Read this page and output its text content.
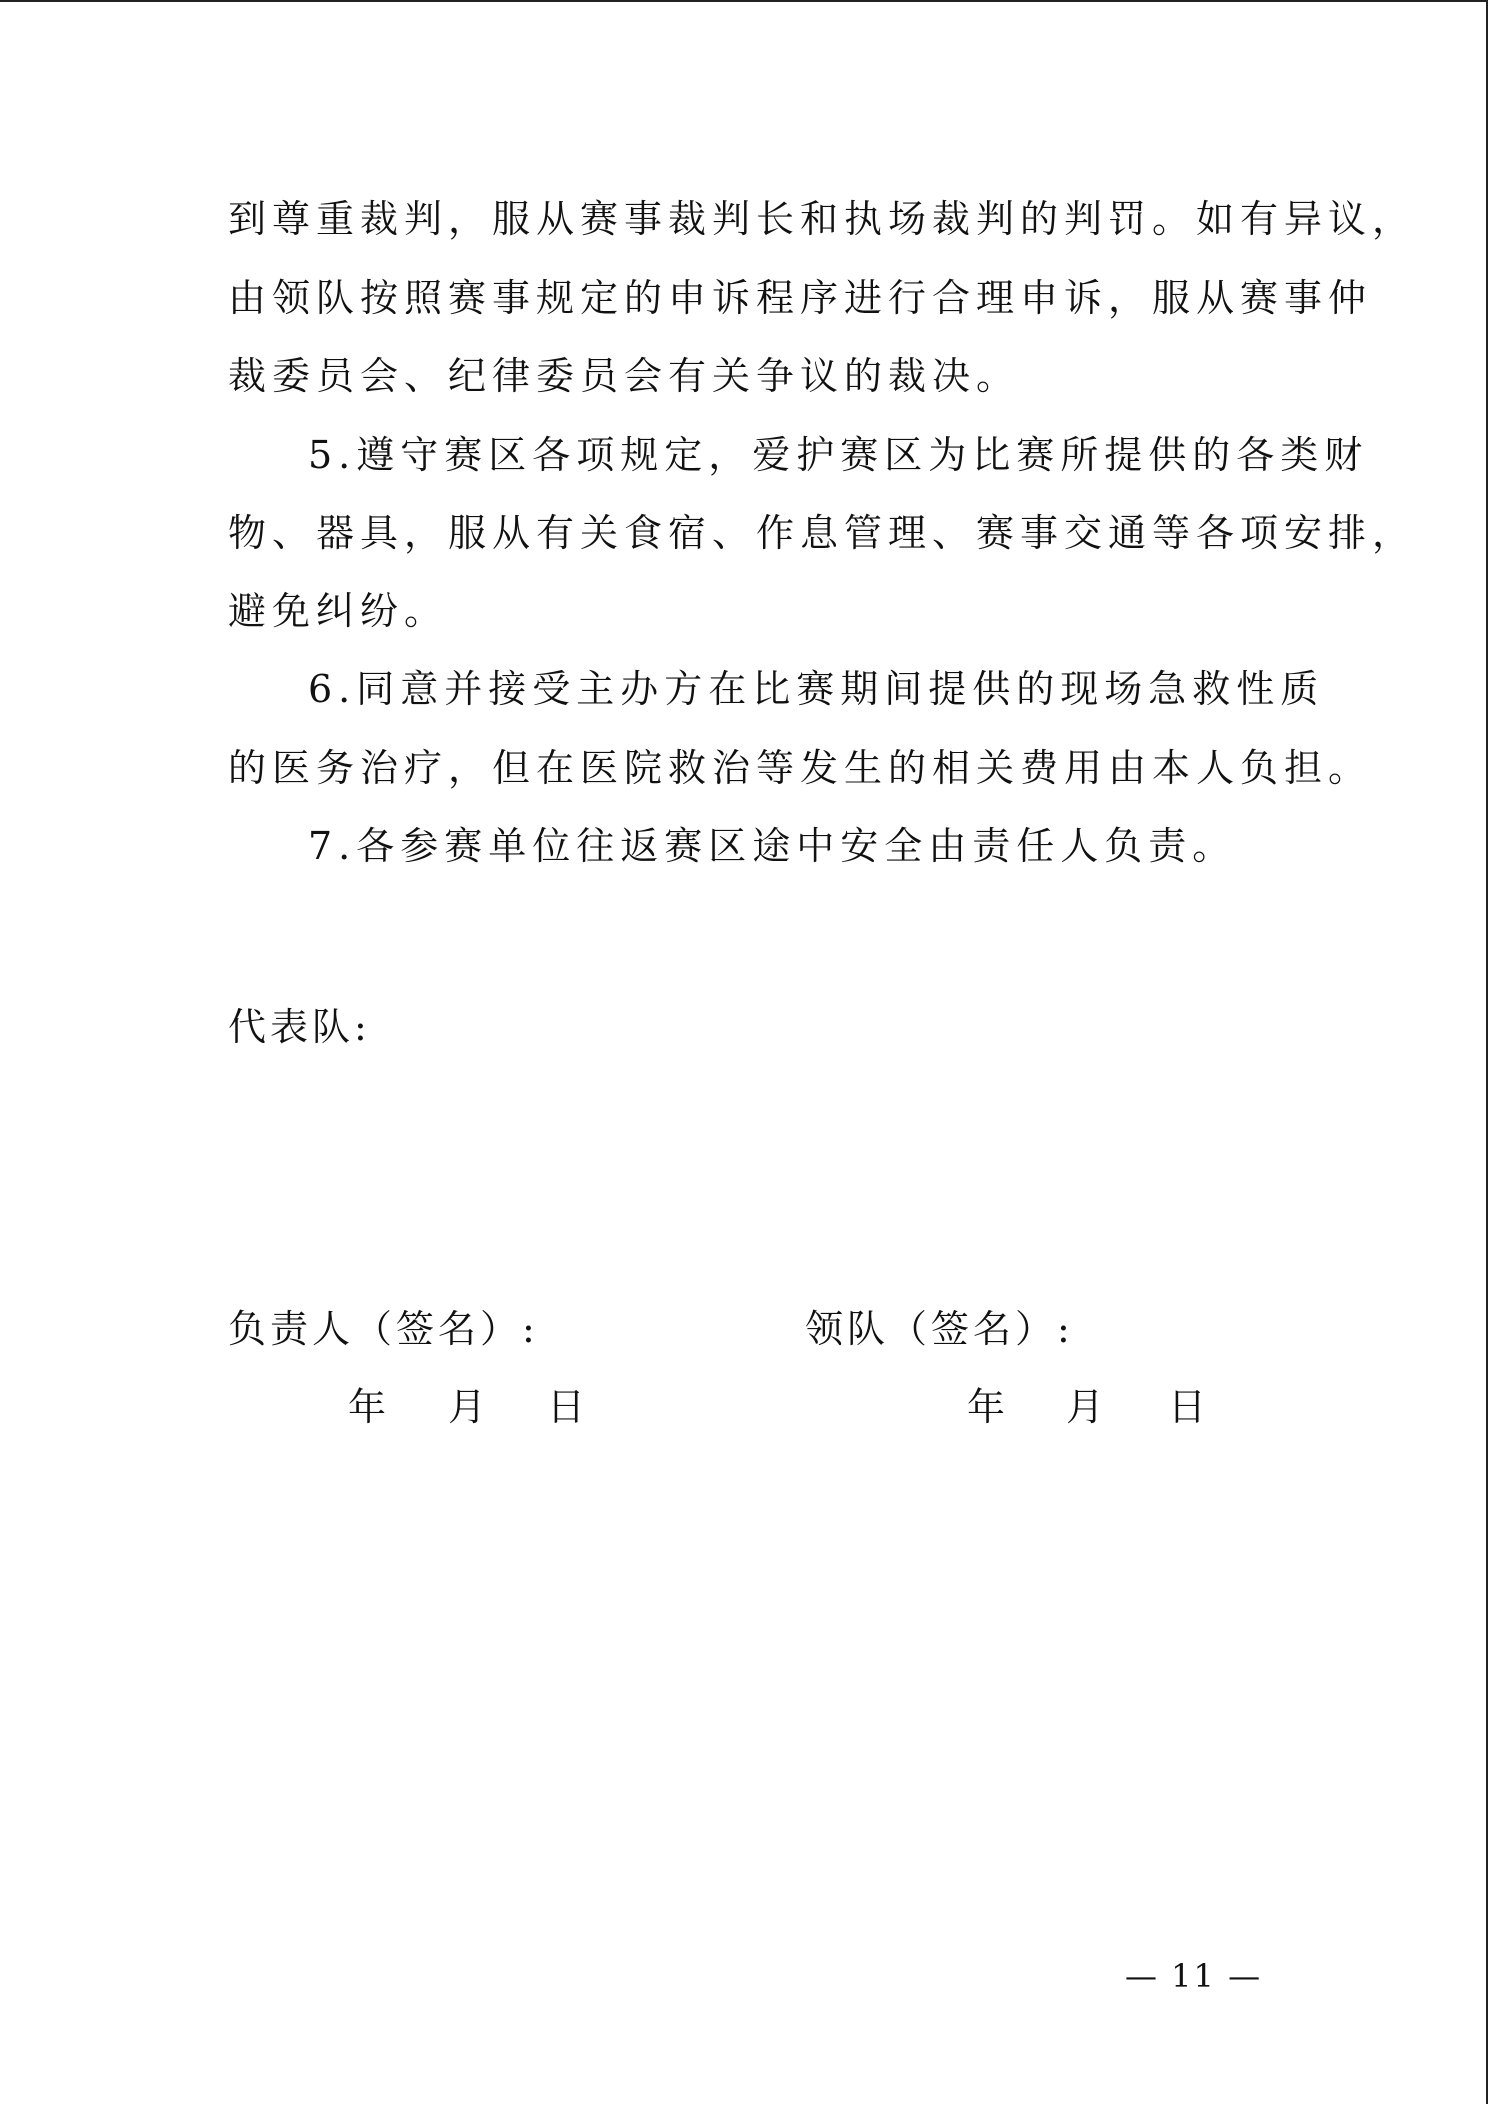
到尊重裁判，服从赛事裁判长和执场裁判的判罚。如有异议，
由领队按照赛事规定的申诉程序进行合理申诉，服从赛事仲
裁委员会、纪律委员会有关争议的裁决。
5.遵守赛区各项规定，爱护赛区为比赛所提供的各类财
物、器具，服从有关食宿、作息管理、赛事交通等各项安排，
避免纠纷。
6.同意并接受主办方在比赛期间提供的现场急救性质
的医务治疗，但在医院救治等发生的相关费用由本人负担。
7.各参赛单位往返赛区途中安全由责任人负责。
代表队:
负责人（签名）:	领队（签名）:
年 月 日	年 月 日
— 11 —
